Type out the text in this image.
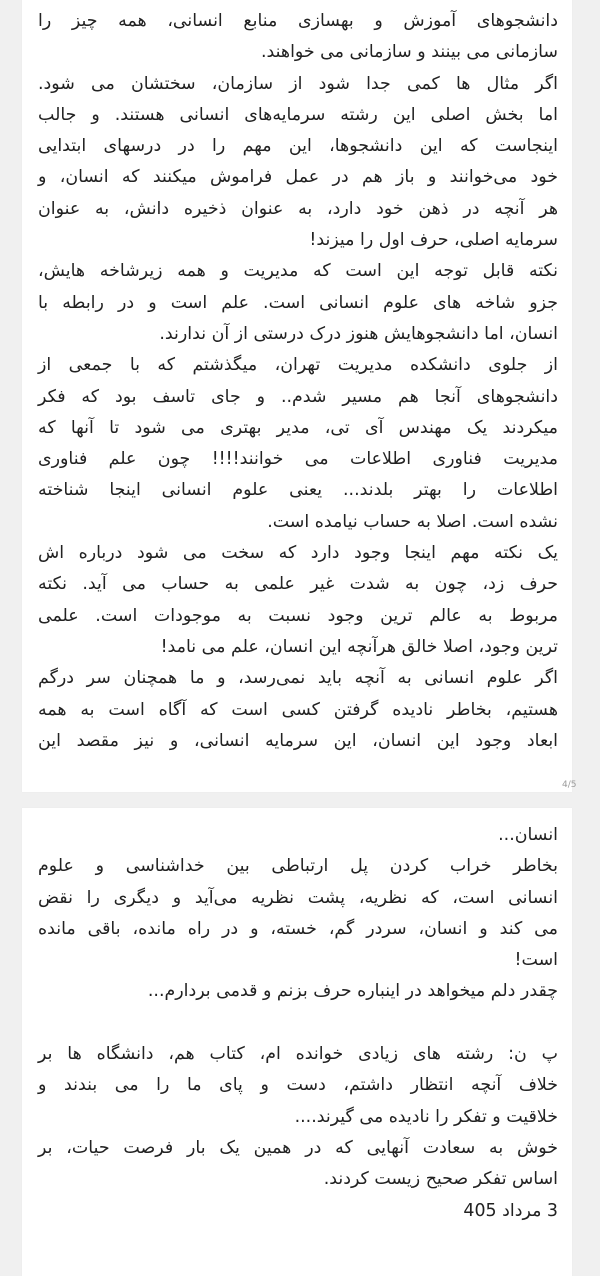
دانشجوهای آموزش و بهسازی منابع انسانی، همه چیز را
سازمانی می بینند و سازمانی می خواهند.
اگر مثال ها کمی جدا شود از سازمان، سختشان می شود.
اما بخش اصلی این رشته سرمایه‌های انسانی هستند. و جالب
اینجاست که این دانشجوها، این مهم را در درسهای ابتدایی
خود می‌خوانند و باز هم در عمل فراموش میکنند که انسان، و
هر آنچه در ذهن خود دارد، به عنوان ذخیره دانش، به عنوان
سرمایه اصلی، حرف اول را میزند!
نکته قابل توجه این است که مدیریت و همه زیرشاخه هایش،
جزو شاخه های علوم انسانی است. علم است و در رابطه با
انسان، اما دانشجوهایش هنوز درک درستی از آن ندارند.
از جلوی دانشکده مدیریت تهران، میگذشتم که با جمعی از
دانشجوهای آنجا هم مسیر شدم.. و جای تاسف بود که فکر
میکردند یک مهندس آی تی، مدیر بهتری می شود تا آنها که
مدیریت فناوری اطلاعات می خوانند!!!! چون علم فناوری
اطلاعات را بهتر بلدند... یعنی علوم انسانی اینجا شناخته
نشده است. اصلا به حساب نیامده است.
یک نکته مهم اینجا وجود دارد که سخت می شود درباره اش
حرف زد، چون به شدت غیر علمی به حساب می آید. نکته
مربوط به عالم ترین وجود نسبت به موجودات است. علمی
ترین وجود، اصلا خالق هرآنچه این انسان، علم می نامد!
اگر علوم انسانی به آنچه باید نمی‌رسد، و ما همچنان سر درگم
هستیم، بخاطر نادیده گرفتن کسی است که آگاه است به همه
ابعاد وجود این انسان، این سرمایه انسانی، و نیز مقصد این
4/5
انسان...
بخاطر خراب کردن پل ارتباطی بین خداشناسی و علوم
انسانی است، که نظریه، پشت نظریه می‌آید و دیگری را نقض
می کند و انسان، سردر گم، خسته، و در راه مانده، باقی مانده
است!
چقدر دلم میخواهد در اینباره حرف بزنم و قدمی بردارم...
پ ن: رشته های زیادی خوانده ام، کتاب هم، دانشگاه ها بر
خلاف آنچه انتظار داشتم، دست و پای ما را می بندند و
خلاقیت و تفکر را نادیده می گیرند....
خوش به سعادت آنهایی که در همین یک بار فرصت حیات، بر
اساس تفکر صحیح زیست کردند.
3 مرداد 405
